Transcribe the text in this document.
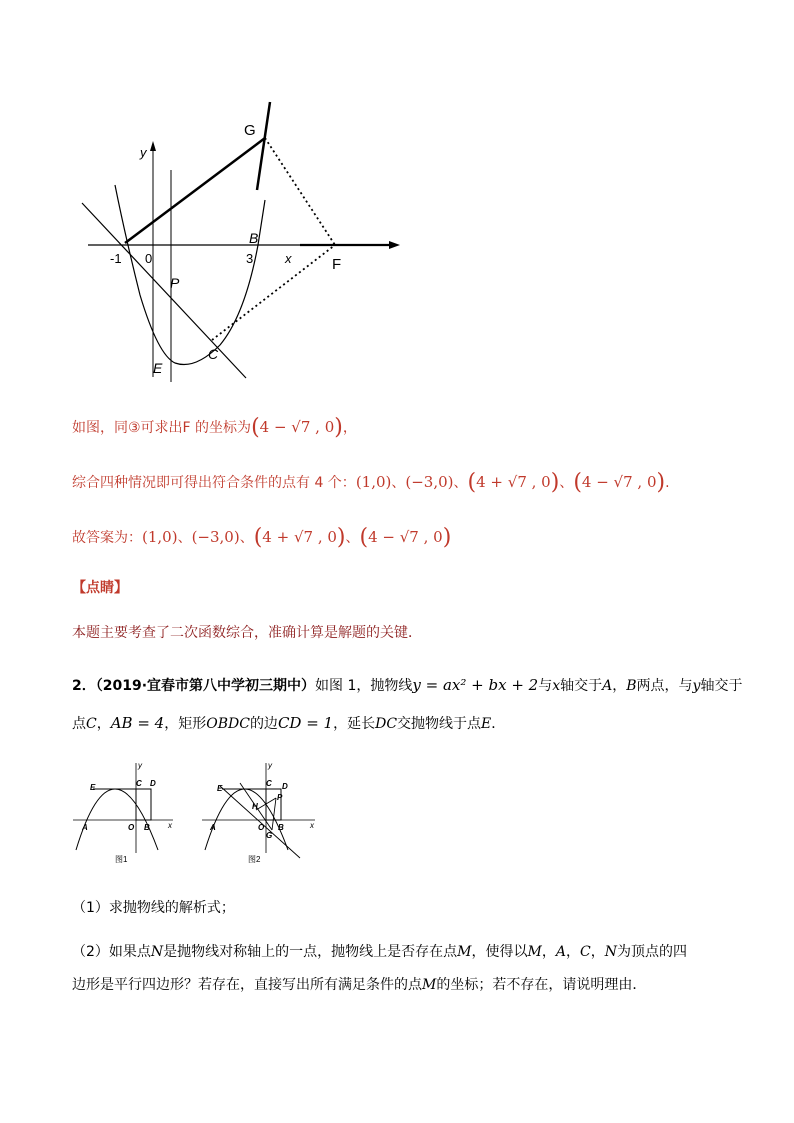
G
F
y
x
B
P
C
E
-1 0	3
如图，同③可求出F 的坐标为(4 − √7 , 0)，
综合四种情况即可得出符合条件的点有 4 个：(1,0)、(−3,0)、(4 + √7 , 0)、(4 − √7 , 0).
故答案为：(1,0)、(−3,0)、(4 + √7 , 0)、(4 − √7 , 0)
【点睛】
本题主要考查了二次函数综合，准确计算是解题的关键．
2．（2019·宜春市第八中学初三期中）如图 1，抛物线y = ax² + bx + 2与x轴交于A，B两点，与y轴交于
点C，AB = 4，矩形OBDC的边CD = 1，延长DC交抛物线于点E．
E	C D
A	O B x
y
图1
E
C D
H
P
A	O
G
B	x
y
图2
（1）求抛物线的解析式；
（2）如果点N是抛物线对称轴上的一点，抛物线上是否存在点M，使得以M，A，C，N为顶点的四
边形是平行四边形？若存在，直接写出所有满足条件的点M的坐标；若不存在，请说明理由．
